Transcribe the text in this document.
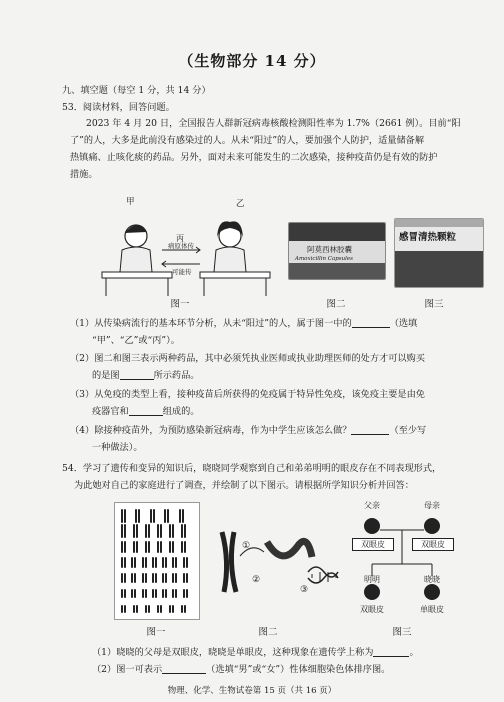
（生物部分 14 分）
九、填空题（每空 1 分，共 14 分）
53．阅读材料，回答问题。
2023 年 4 月 20 日，全国报告人群新冠病毒核酸检测阳性率为 1.7%（2661 例）。目前“阳
了”的人，大多是此前没有感染过的人。从未“阳过”的人，要加强个人防护，适量储备解
热镇痛、止咳化痰的药品。另外，面对未来可能发生的二次感染，接种疫苗仍是有效的防护
措施。
甲	乙
丙
病原体传
可能传
图一
阿莫西林胶囊
Amoxicillin Capsules
图二
感冒清热颗粒
图三
（1）从传染病流行的基本环节分析，从未“阳过”的人，属于图一中的	（选填
“甲”、“乙”或“丙”）。
（2）图二和图三表示两种药品，其中必须凭执业医师或执业助理医师的处方才可以购买
的是图	所示药品。
（3）从免疫的类型上看，接种疫苗后所获得的免疫属于特异性免疫，该免疫主要是由免
疫器官和	组成的。
（4）除接种疫苗外，为预防感染新冠病毒，作为中学生应该怎么做？	（至少写
一种做法）。
54．学习了遗传和变异的知识后，晓晓同学观察到自己和弟弟明明的眼皮存在不同表现形式，
为此她对自己的家庭进行了调查，并绘制了以下图示。请根据所学知识分析并回答：
图一
①
②
③
图二
父亲	母亲
双眼皮	双眼皮
明明	晓晓
双眼皮	单眼皮
图三
（1）晓晓的父母是双眼皮，晓晓是单眼皮，这种现象在遗传学上称为	。
（2）图一可表示	（选填“男”或“女”）性体细胞染色体排序图。
物理、化学、生物试卷第 15 页（共 16 页）
